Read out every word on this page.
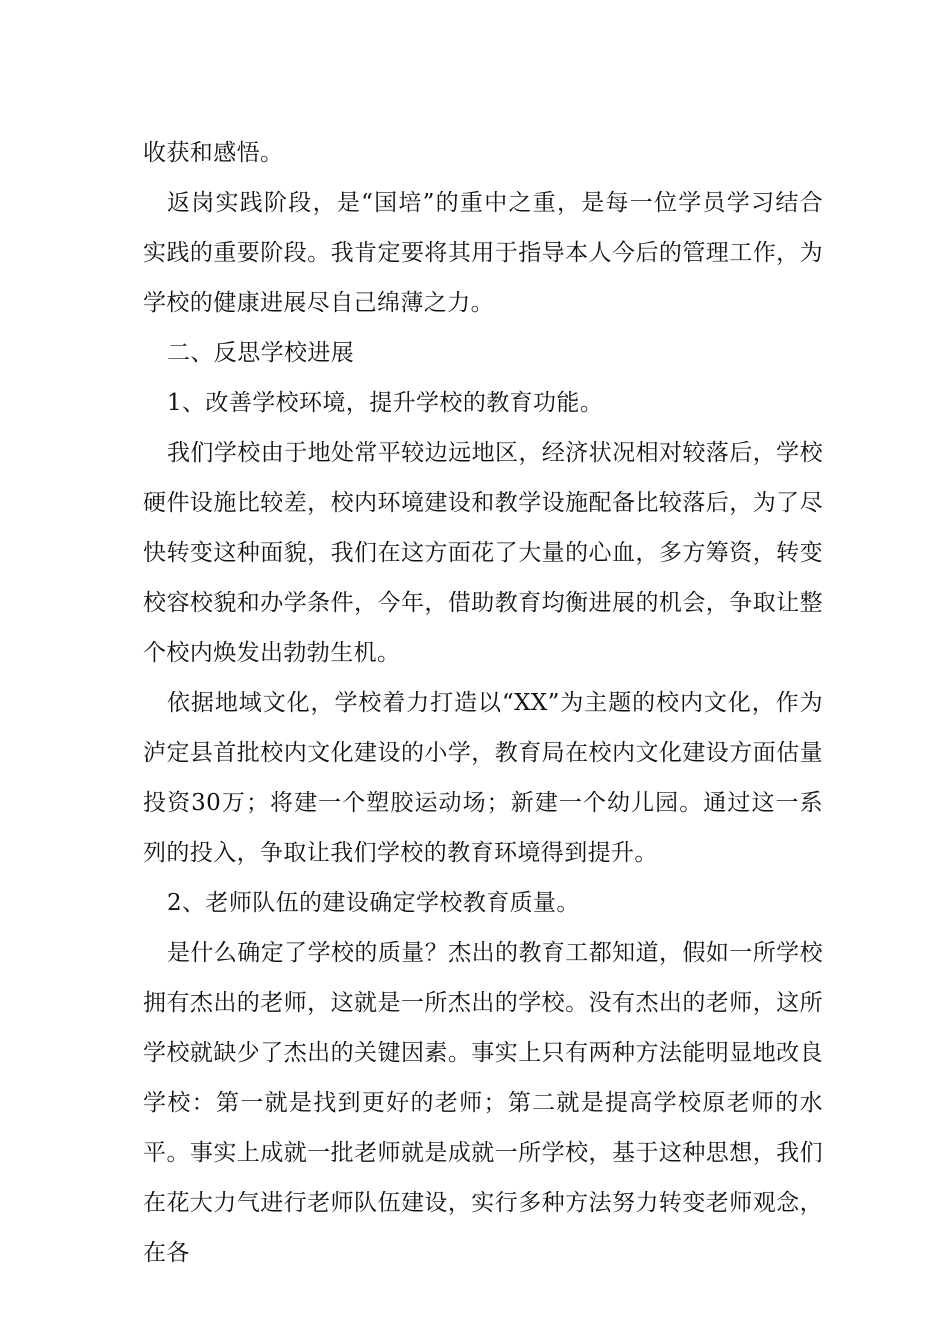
收获和感悟。

返岗实践阶段，是“国培”的重中之重，是每一位学员学习结合实践的重要阶段。我肯定要将其用于指导本人今后的管理工作，为学校的健康进展尽自己绵薄之力。

二、反思学校进展

1、改善学校环境，提升学校的教育功能。

我们学校由于地处常平较边远地区，经济状况相对较落后，学校硬件设施比较差，校内环境建设和教学设施配备比较落后，为了尽快转变这种面貌，我们在这方面花了大量的心血，多方筹资，转变校容校貌和办学条件，今年，借助教育均衡进展的机会，争取让整个校内焕发出勃勃生机。

依据地域文化，学校着力打造以“XX”为主题的校内文化，作为泸定县首批校内文化建设的小学，教育局在校内文化建设方面估量投资30万；将建一个塑胶运动场；新建一个幼儿园。通过这一系列的投入，争取让我们学校的教育环境得到提升。

2、老师队伍的建设确定学校教育质量。

是什么确定了学校的质量？杰出的教育工都知道，假如一所学校拥有杰出的老师，这就是一所杰出的学校。没有杰出的老师，这所学校就缺少了杰出的关键因素。事实上只有两种方法能明显地改良学校：第一就是找到更好的老师；第二就是提高学校原老师的水平。事实上成就一批老师就是成就一所学校，基于这种思想，我们在花大力气进行老师队伍建设，实行多种方法努力转变老师观念，在各
